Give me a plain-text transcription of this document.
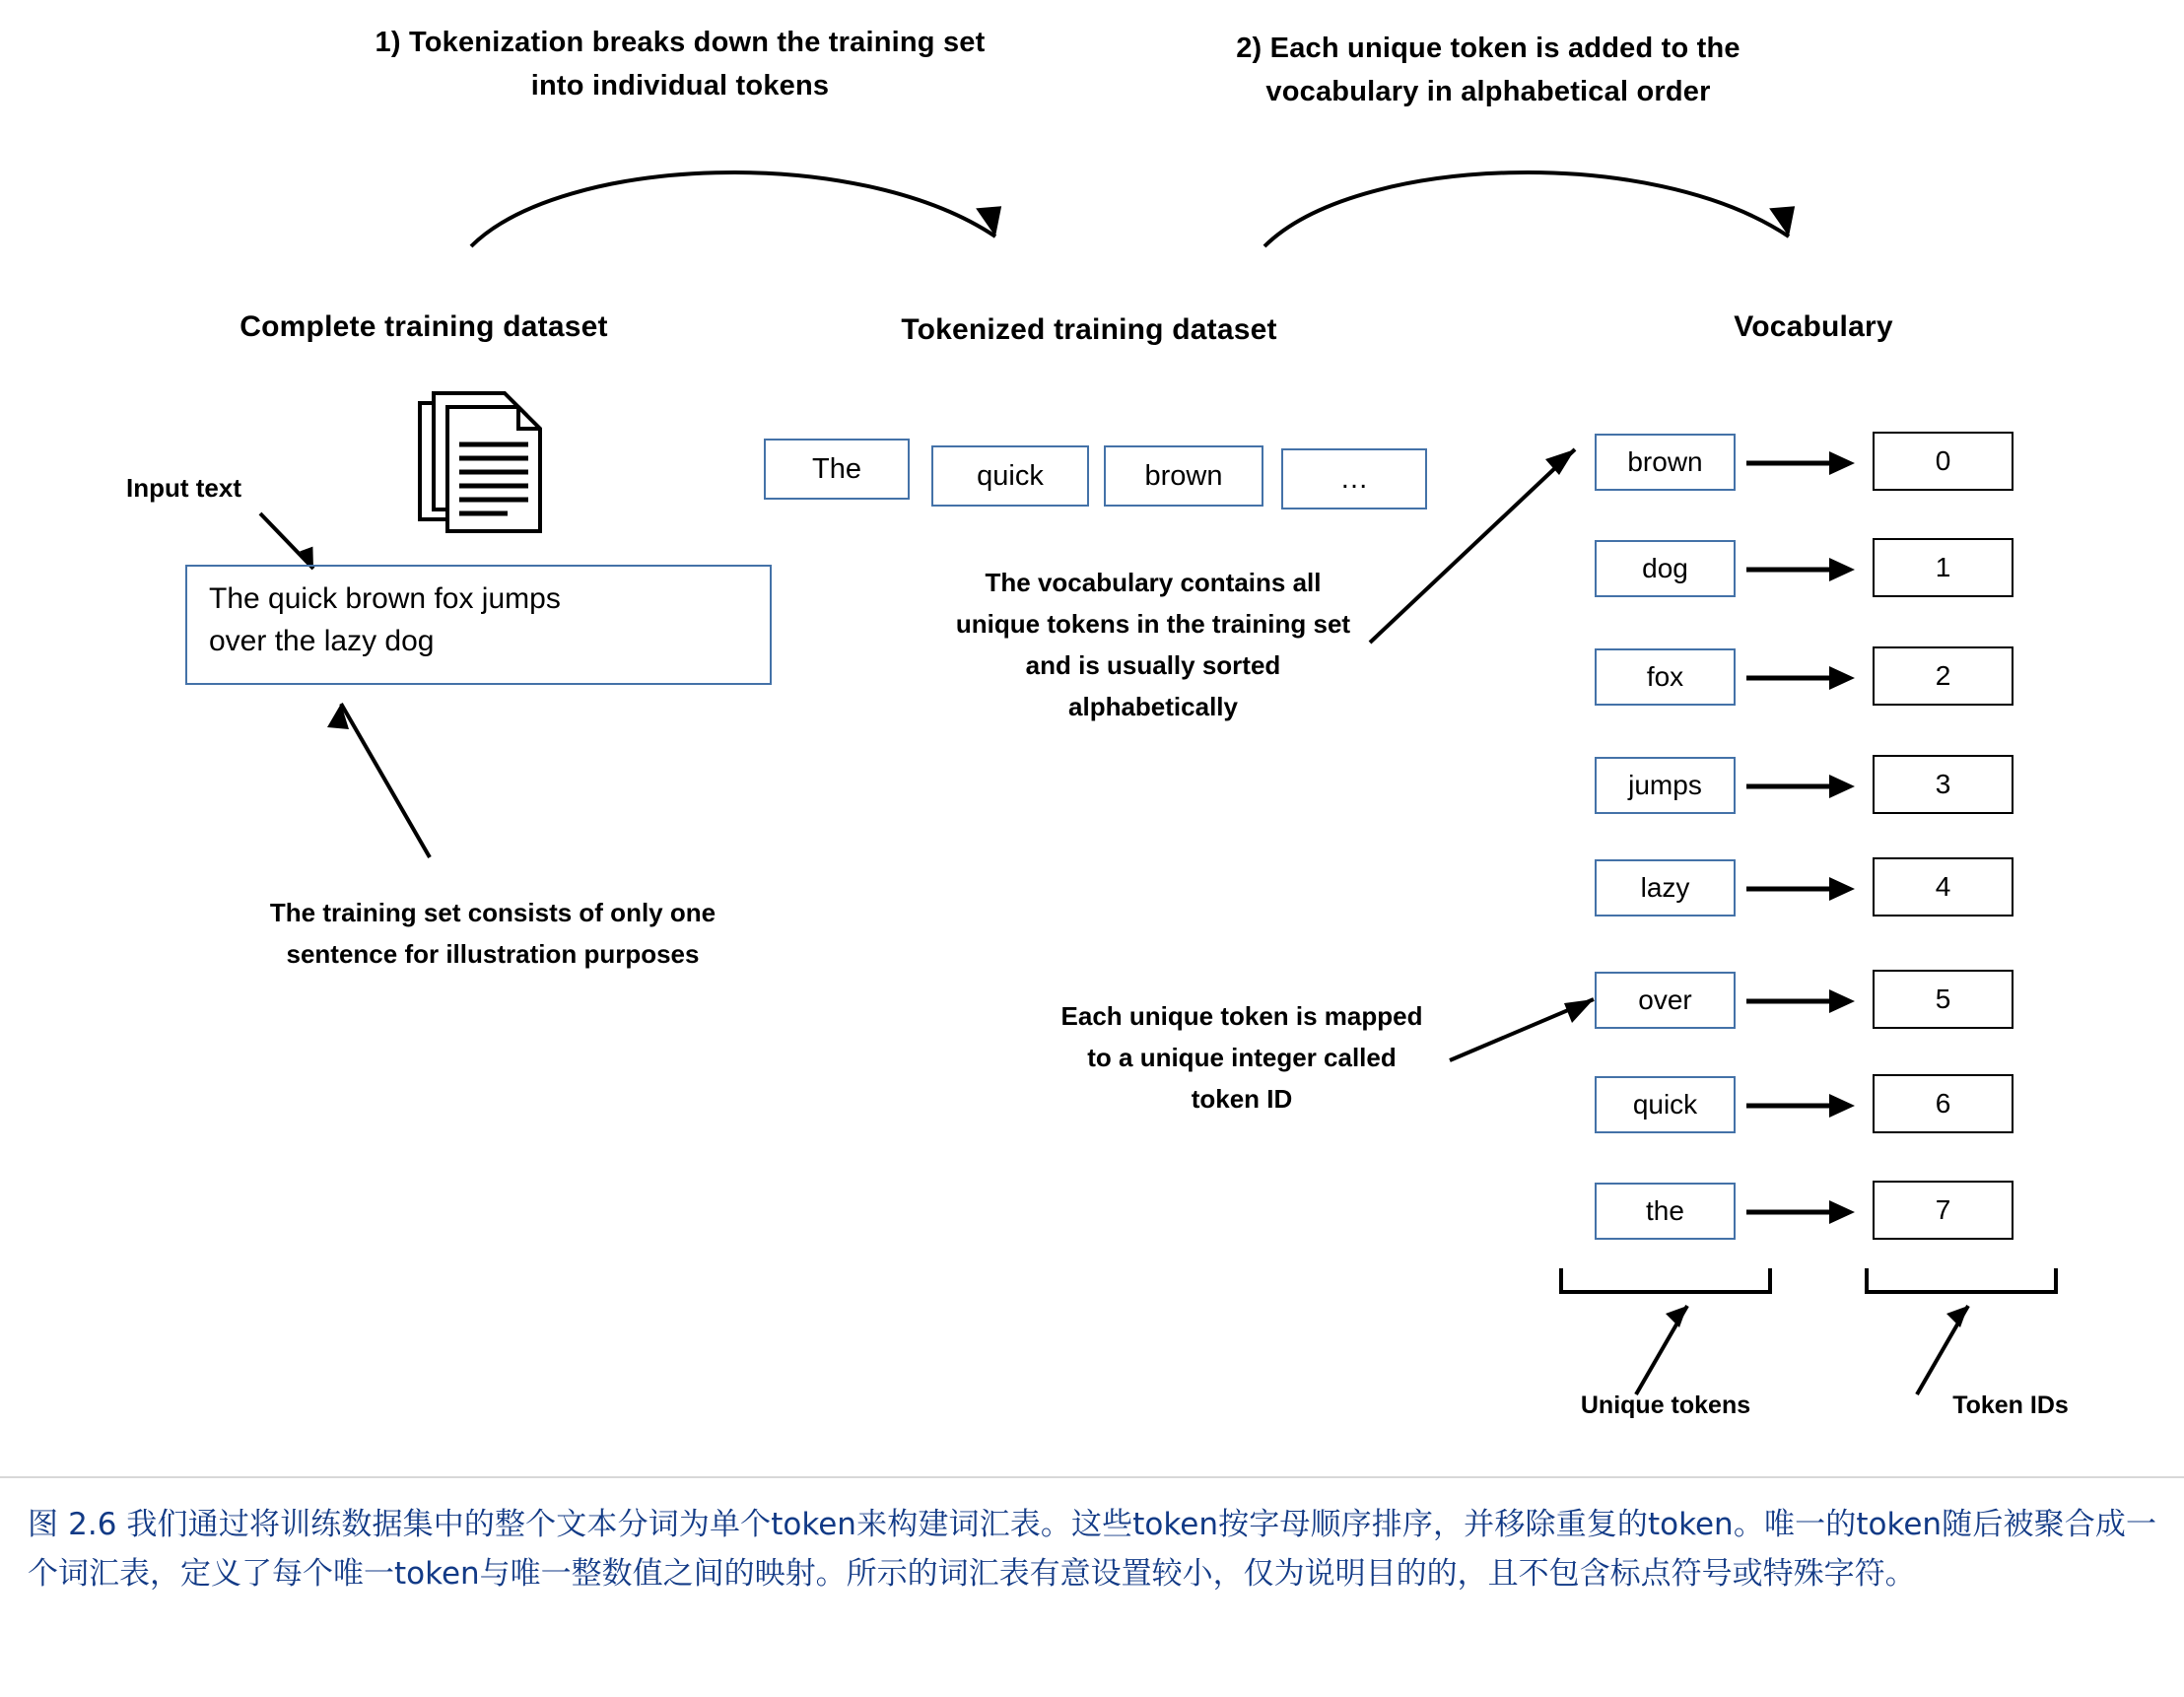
1) Tokenization breaks down the training set into individual tokens
2) Each unique token is added to the vocabulary in alphabetical order
Complete training dataset	Tokenized training dataset	Vocabulary
Input text
The quick brown fox jumps
over the lazy dog
The training set consists of only one sentence for illustration purposes
The	quick	brown	…
The vocabulary contains all unique tokens in the training set and is usually sorted alphabetically
Each unique token is mapped to a unique integer called token ID
brown	0
dog	1
fox	2
jumps	3
lazy	4
over	5
quick	6
the	7
Unique tokens	Token IDs

图 2.6 我们通过将训练数据集中的整个文本分词为单个token来构建词汇表。这些token按字母顺序排序，并移除重复的token。唯一的token随后被聚合成一个词汇表，定义了每个唯一token与唯一整数值之间的映射。所示的词汇表有意设置较小，仅为说明目的的，且不包含标点符号或特殊字符。
